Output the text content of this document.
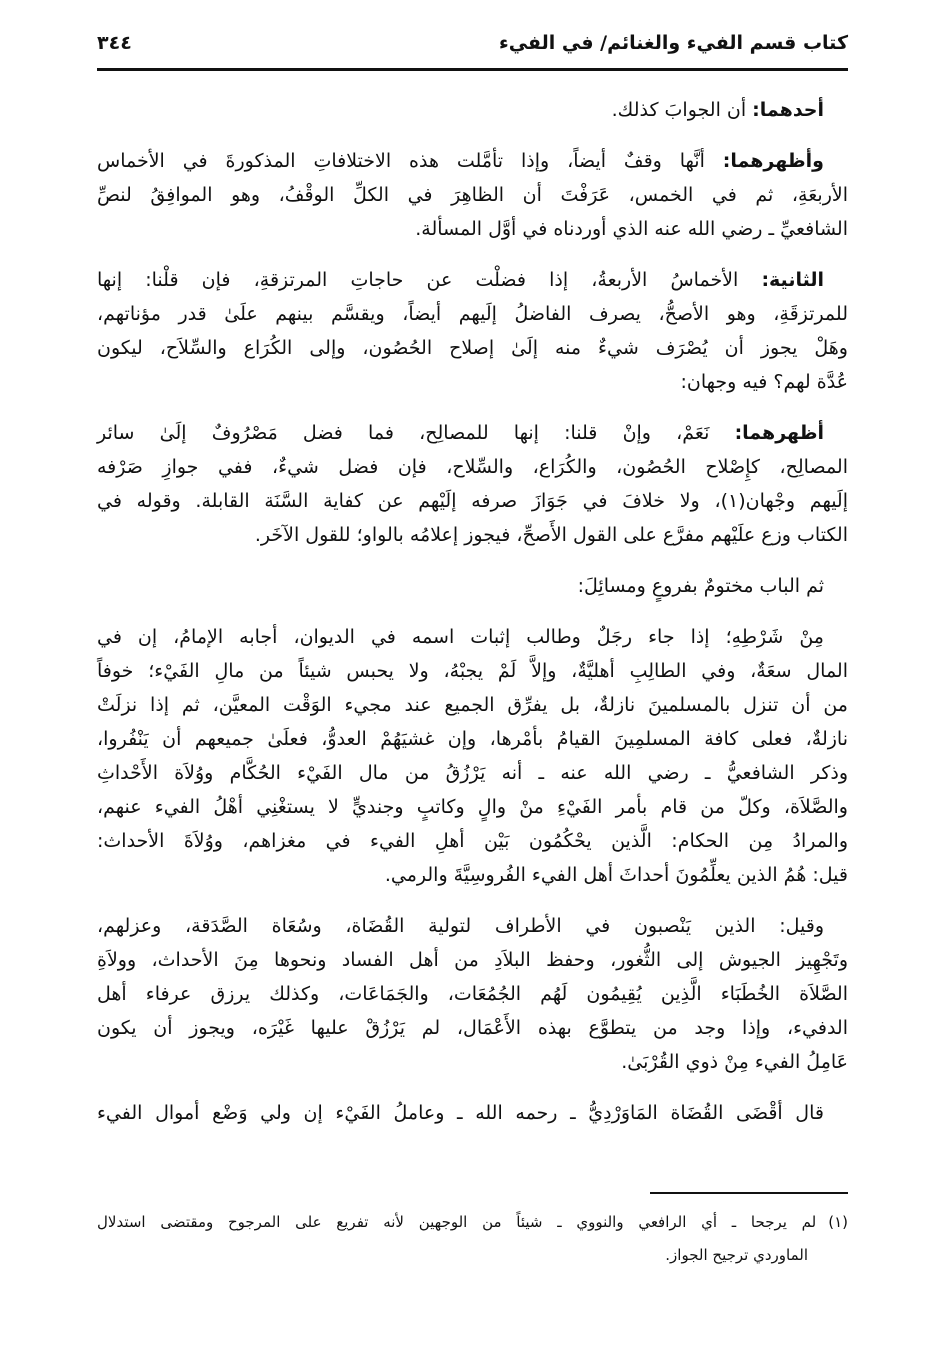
كتاب قسم الفيء والغنائم/ في الفيء
٣٤٤
أحدهما: أن الجوابَ كذلك.
وأظهرهما: أنَّها وقفٌ أيضاً، وإذا تأمَّلت هذه الاختلافاتِ المذكورةَ في الأخماس
الأربعَةِ، ثم في الخمس، عَرَفْتَ أن الظاهِرَ في الكلِّ الوقْفُ، وهو الموافِقُ لنصِّ
الشافعيِّ ـ رضي الله عنه الذي أوردناه في أوَّل المسألة.
الثانية: الأخماسُ الأربعةُ، إذا فضلْت عن حاجاتِ المرتزقةِ، فإن قلْنا: إنها
للمرتزقَةِ، وهو الأصحُّ، يصرف الفاضلُ إلَيهم أيضاً، ويقسَّم بينهم علَىٰ قدر مؤناتهم،
وهَلْ يجوز أن يُصْرَف شيءٌ منه إلَىٰ إصلاح الحُصُون، وإلى الكُرَاع والسِّلاَح، ليكون
عُدَّة لهم؟ فيه وجهان:
أظهرهما: نَعَمْ، وإنْ قلنا: إنها للمصالِح، فما فضل مَصْرُوفٌ إلَىٰ سائر
المصالِح، كإِصْلاح الحُصُون، والكُرَاع، والسِّلاح، فإن فضل شيءٌ، ففي جوازِ صَرْفه
إلَيهم وجْهان(١)، ولا خلافَ في جَوَازَ صرفه إلَيْهم عن كفاية السَّنَة القابلة. وقوله في
الكتاب وزع علَيْهم مفرَّع على القول الأَصحِّ، فيجوز إعلامُه بالواو؛ للقول الآخَر.
ثم الباب مختومٌ بفروعٍ ومسائِلَ:
مِنْ شَرْطِهِ؛ إذا جاء رجَلٌ وطالب إثبات اسمه في الديوان، أجابه الإمامُ، إن في
المال سعَةٌ، وفي الطالِبِ أهليَّةٌ، وإلاَّ لَمْ يجبْهُ، ولا يحبس شيئاً من مالِ الفَيْء؛ خوفاً
من أن تنزل بالمسلمينَ نازلةٌ، بل يفرِّق الجميع عند مجيء الوَقْت المعيَّن، ثم إذا نزلَتْ
نازلةٌ، فعلى كافة المسلمِينَ القيامُ بأمْرها، وإن غشيَهُمْ العدوُّ، فعلَىٰ جميعهم أن يَنْفُروا،
وذكر الشافعيُّ ـ رضي الله عنه ـ أنه يَرْزُقُ من مال الفَيْء الحُكَّام ووُلاَة الأَحْداثِ
والصَّلاَة، وكلّ من قام بأمر الفَيْءِ منْ والٍ وكاتبٍ وجنديٍّ لا يستغْنِي أهْلُ الفيء عنهم،
والمرادُ مِن الحكام: الَّذين يحْكُمُون بَيْن أهلِ الفيء في مغزاهم، ووُلاَةَ الأحداث:
قيل: هُمُ الذين يعلِّمُونَ أحداثَ أهل الفيء الفُروسِيَّةَ والرمي.
وقيل: الذين يَنْصبون في الأطراف لتولية القُضَاة، وسُعَاة الصَّدَقة، وعزلهم،
وتَجْهِيز الجيوش إلى الثُّغور، وحفظ البلاَدِ من أهل الفساد ونحوها مِنَ الأحداث، وولاَةِ
الصَّلاَة الخُطَبَاء الَّذِين يُقِيمُون لَهُم الجُمُعَات، والجَمَاعَات، وكذلك يرزق عرفاء أهل
الدفيء، وإذا وجد من يتطوَّع بهذه الأَعْمَال، لم يَرْزُقْ عليها غَيْرَه، ويجوز أن يكون
عَامِلُ الفيء مِنْ ذوي القُرْبَىٰ.
قال أقْضَى القُضَاة المَاوَرْدِيُّ ـ رحمه الله ـ وعاملُ الفَيْء إن ولي وَضْع أموال الفيء
(١)لم يرجحا ـ أي الرافعي والنووي ـ شيئاً من الوجهين لأنه تفريع على المرجوح ومقتضى استدلال
الماوردي ترجيح الجواز.
